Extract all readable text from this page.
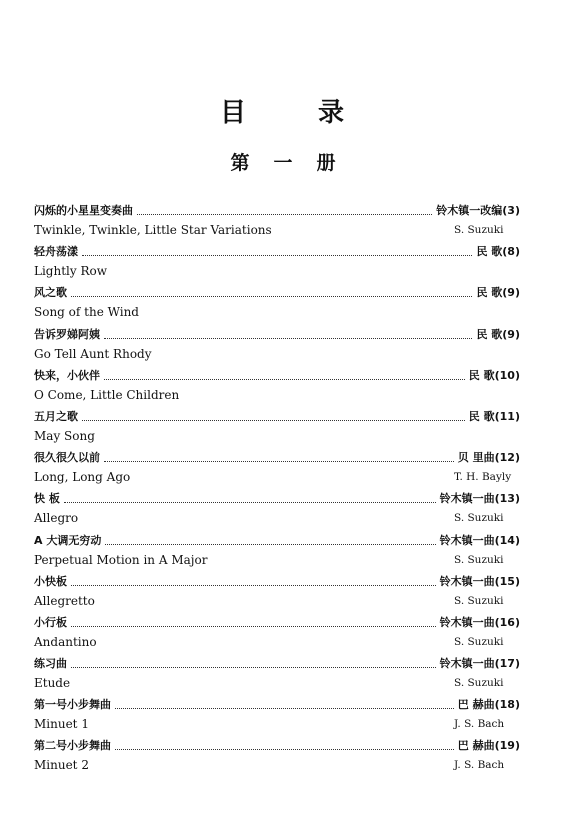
目	录
第 一 册
闪烁的小星星变奏曲	铃木镇一改编(3)
Twinkle, Twinkle, Little Star Variations	S. Suzuki
轻舟荡漾	民 歌(8)
Lightly Row
风之歌	民 歌(9)
Song of the Wind
告诉罗娣阿姨	民 歌(9)
Go Tell Aunt Rhody
快来，小伙伴	民 歌(10)
O Come, Little Children
五月之歌	民 歌(11)
May Song
很久很久以前	贝 里曲(12)
Long, Long Ago	T. H. Bayly
快 板	铃木镇一曲(13)
Allegro	S. Suzuki
A 大调无穷动	铃木镇一曲(14)
Perpetual Motion in A Major	S. Suzuki
小快板	铃木镇一曲(15)
Allegretto	S. Suzuki
小行板	铃木镇一曲(16)
Andantino	S. Suzuki
练习曲	铃木镇一曲(17)
Etude	S. Suzuki
第一号小步舞曲	巴 赫曲(18)
Minuet 1	J. S. Bach
第二号小步舞曲	巴 赫曲(19)
Minuet 2	J. S. Bach
